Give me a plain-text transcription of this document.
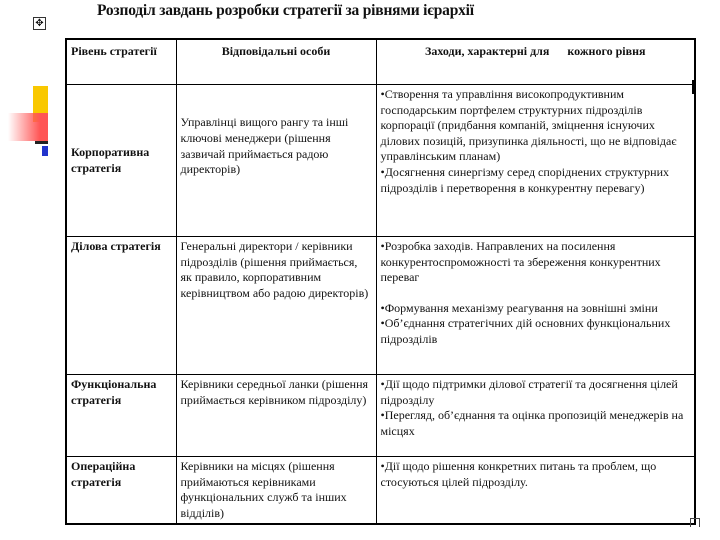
✥
Розподіл завдань розробки стратегії за рівнями ієрархії
Рівень стратегії	Відповідальні особи	Заходи, характерні для      кожного рівня
Корпоративна стратегія	Управлінці вищого рангу та інші ключові менеджери (рішення зазвичай приймається радою директорів)	•Створення та управління високопродуктивним господарським портфелем структурних підрозділів корпорації (придбання компаній, зміцнення існуючих ділових позицій, призупинка діяльності, що не відповідає управлінським планам)

•Досягнення синергізму серед споріднених структурних підрозділів і перетворення в конкурентну перевагу)

Ділова стратегія	Генеральні директори / керівники підрозділів (рішення приймається, як правило, корпоративним керівництвом або радою директорів)	•Розробка заходів. Направлених на посилення конкурентоспроможності та збереження конкурентних переваг

•Формування механізму реагування на зовнішні зміни

•Об’єднання стратегічних дій основних функціональних підрозділів

Функціональна стратегія	Керівники середньої ланки (рішення приймається керівником підрозділу)	•Дії щодо підтримки ділової стратегії та досягнення цілей підрозділу

•Перегляд, об’єднання та оцінка пропозицій менеджерів на місцях

Операційна стратегія	Керівники на місцях (рішення приймаються керівниками функціональних служб та інших відділів)	•Дії щодо рішення конкретних питань та проблем, що стосуються цілей підрозділу.
